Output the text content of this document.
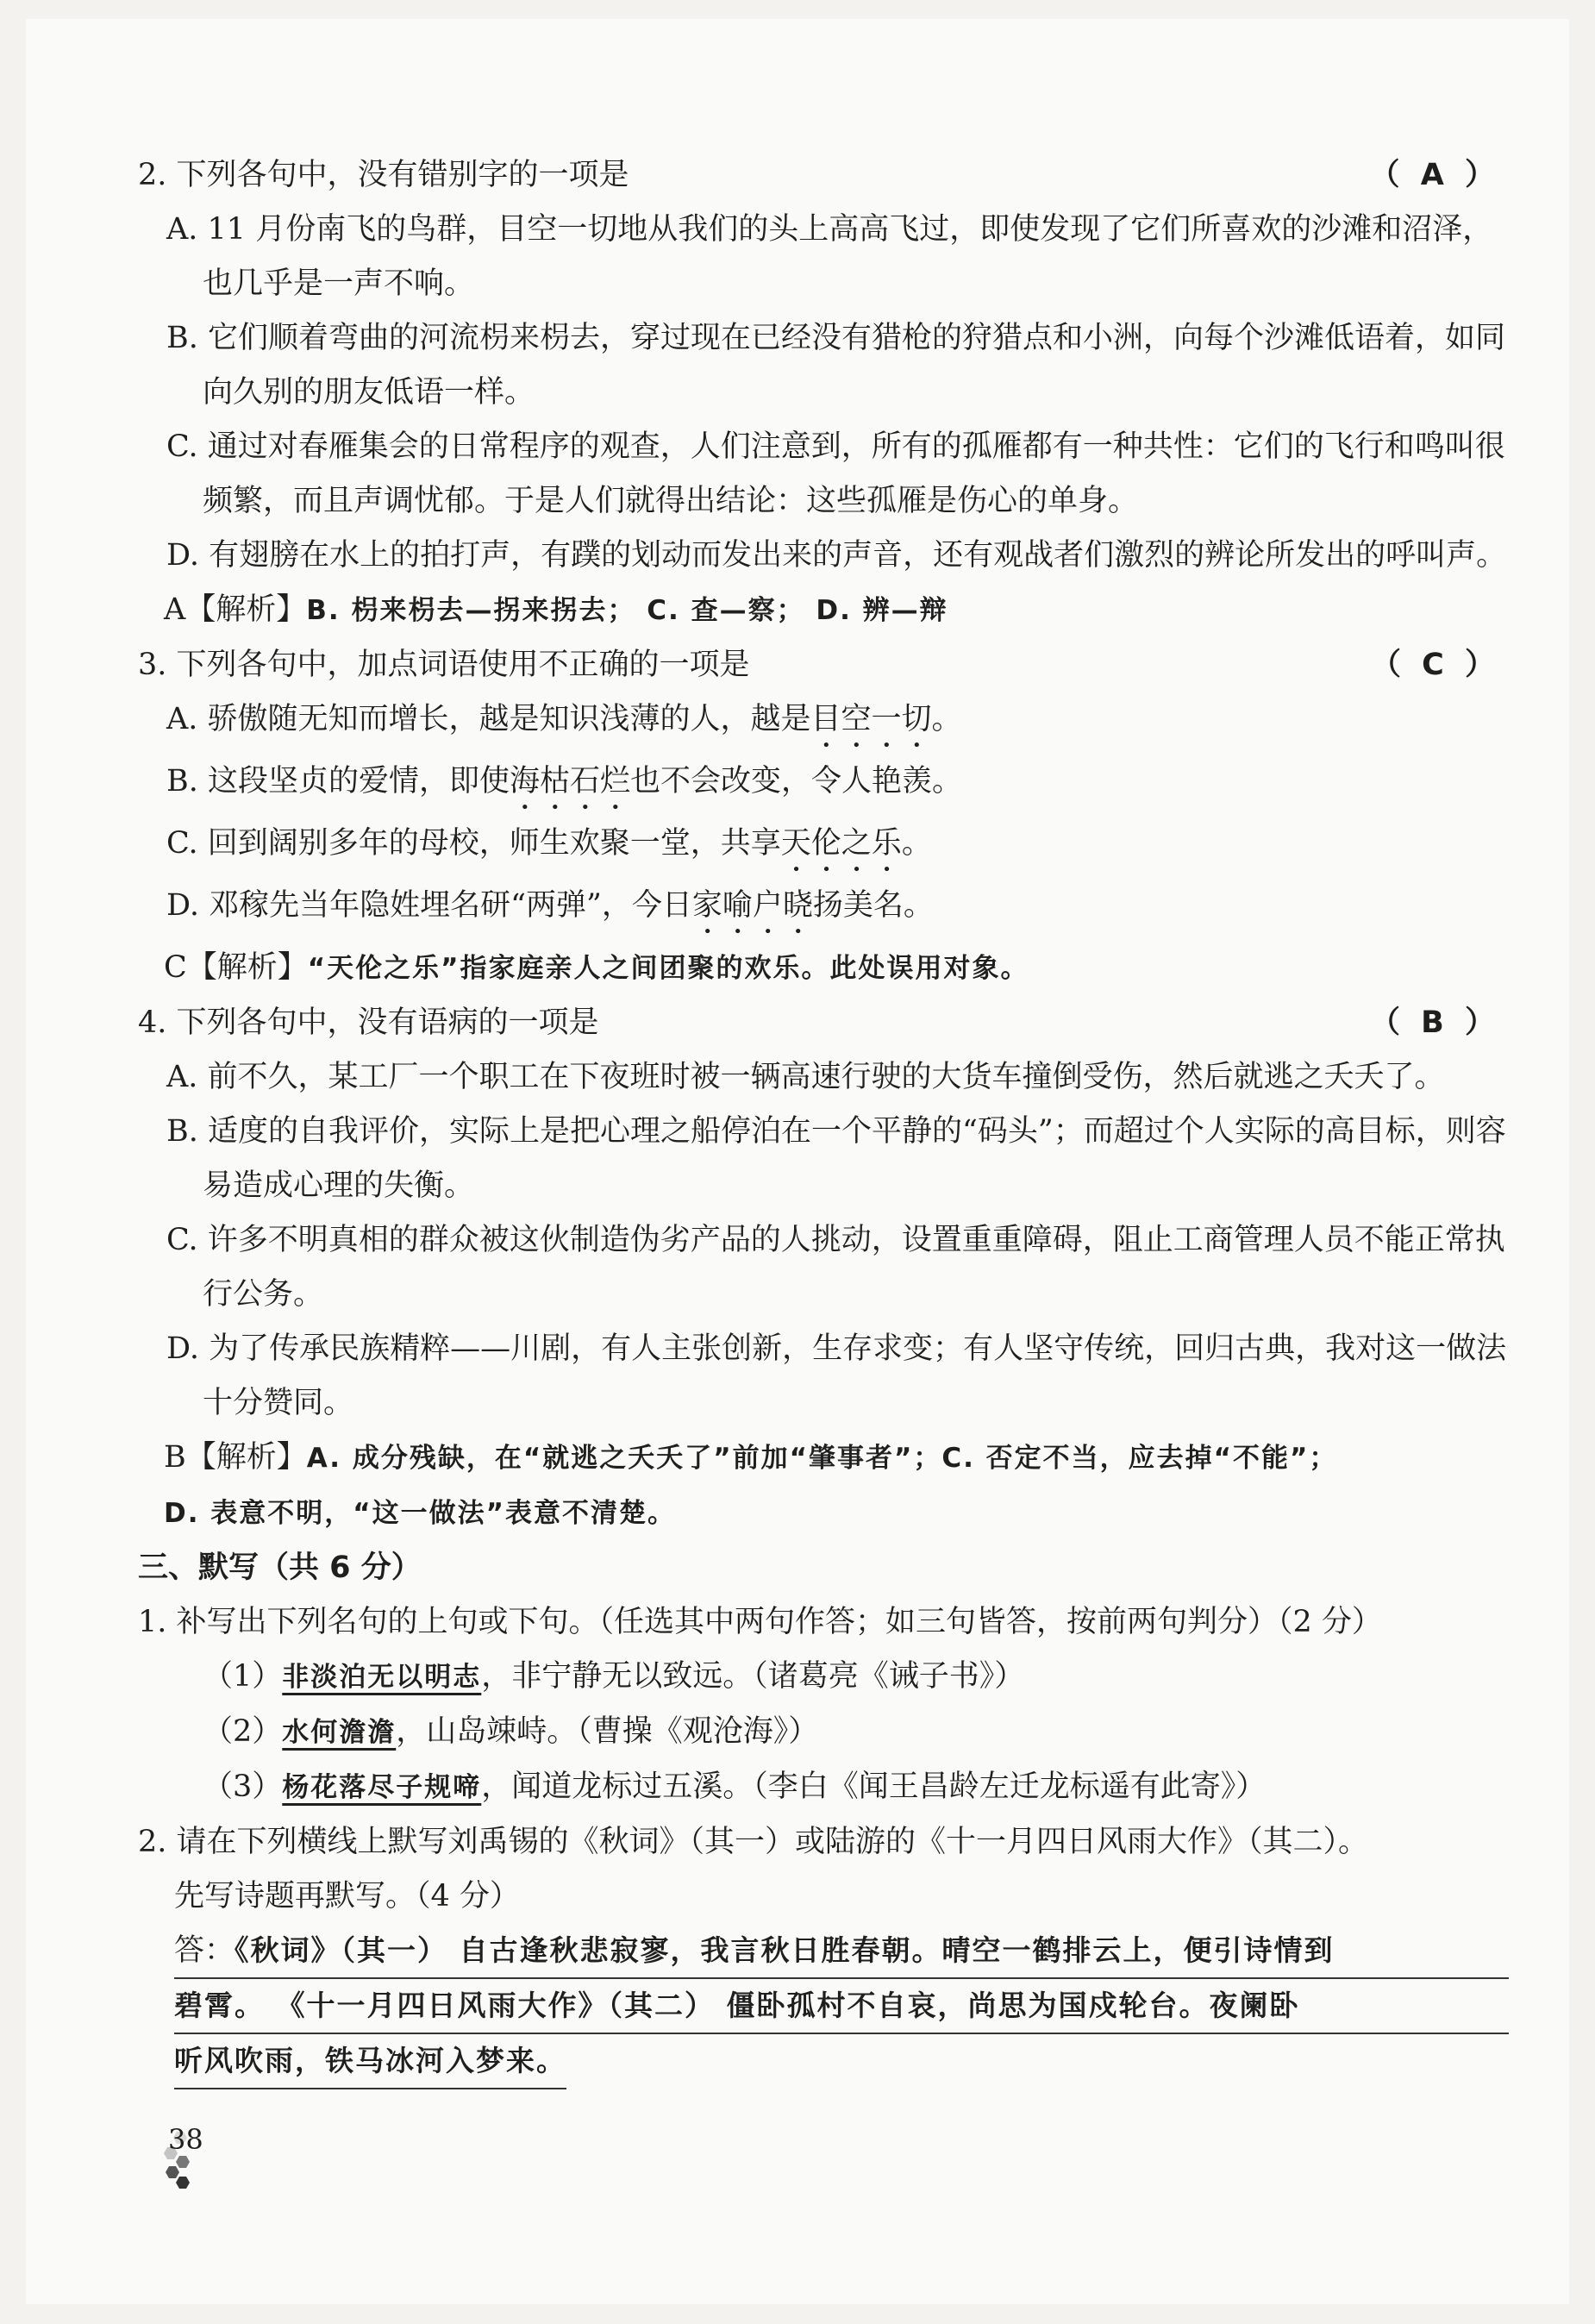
2. 下列各句中，没有错别字的一项是	（ A ）
A. 11 月份南飞的鸟群，目空一切地从我们的头上高高飞过，即使发现了它们所喜欢的沙滩和沼泽，也几乎是一声不响。
B. 它们顺着弯曲的河流枴来枴去，穿过现在已经没有猎枪的狩猎点和小洲，向每个沙滩低语着，如同向久别的朋友低语一样。
C. 通过对春雁集会的日常程序的观查，人们注意到，所有的孤雁都有一种共性：它们的飞行和鸣叫很频繁，而且声调忧郁。于是人们就得出结论：这些孤雁是伤心的单身。
D. 有翅膀在水上的拍打声，有蹼的划动而发出来的声音，还有观战者们激烈的辨论所发出的呼叫声。
A【解析】B. 枴来枴去—拐来拐去； C. 查—察； D. 辨—辩
3. 下列各句中，加点词语使用不正确的一项是	（ C ）
A. 骄傲随无知而增长，越是知识浅薄的人，越是目空一切。
B. 这段坚贞的爱情，即使海枯石烂也不会改变，令人艳羡。
C. 回到阔别多年的母校，师生欢聚一堂，共享天伦之乐。
D. 邓稼先当年隐姓埋名研“两弹”，今日家喻户晓扬美名。
C【解析】“天伦之乐”指家庭亲人之间团聚的欢乐。此处误用对象。
4. 下列各句中，没有语病的一项是	（ B ）
A. 前不久，某工厂一个职工在下夜班时被一辆高速行驶的大货车撞倒受伤，然后就逃之夭夭了。
B. 适度的自我评价，实际上是把心理之船停泊在一个平静的“码头”；而超过个人实际的高目标，则容易造成心理的失衡。
C. 许多不明真相的群众被这伙制造伪劣产品的人挑动，设置重重障碍，阻止工商管理人员不能正常执行公务。
D. 为了传承民族精粹——川剧，有人主张创新，生存求变；有人坚守传统，回归古典，我对这一做法十分赞同。
B【解析】A. 成分残缺，在“就逃之夭夭了”前加“肇事者”；C. 否定不当，应去掉“不能”；
D. 表意不明，“这一做法”表意不清楚。
三、默写（共 6 分）
1. 补写出下列名句的上句或下句。（任选其中两句作答；如三句皆答，按前两句判分）（2 分）
（1）非淡泊无以明志，非宁静无以致远。（诸葛亮《诫子书》）
（2）水何澹澹，山岛竦峙。（曹操《观沧海》）
（3）杨花落尽子规啼，闻道龙标过五溪。（李白《闻王昌龄左迁龙标遥有此寄》）
2. 请在下列横线上默写刘禹锡的《秋词》（其一）或陆游的《十一月四日风雨大作》（其二）。
先写诗题再默写。（4 分）
答：《秋词》（其一） 自古逢秋悲寂寥，我言秋日胜春朝。晴空一鹤排云上，便引诗情到
碧霄。 《十一月四日风雨大作》（其二） 僵卧孤村不自哀，尚思为国戍轮台。夜阑卧
听风吹雨，铁马冰河入梦来。
38
